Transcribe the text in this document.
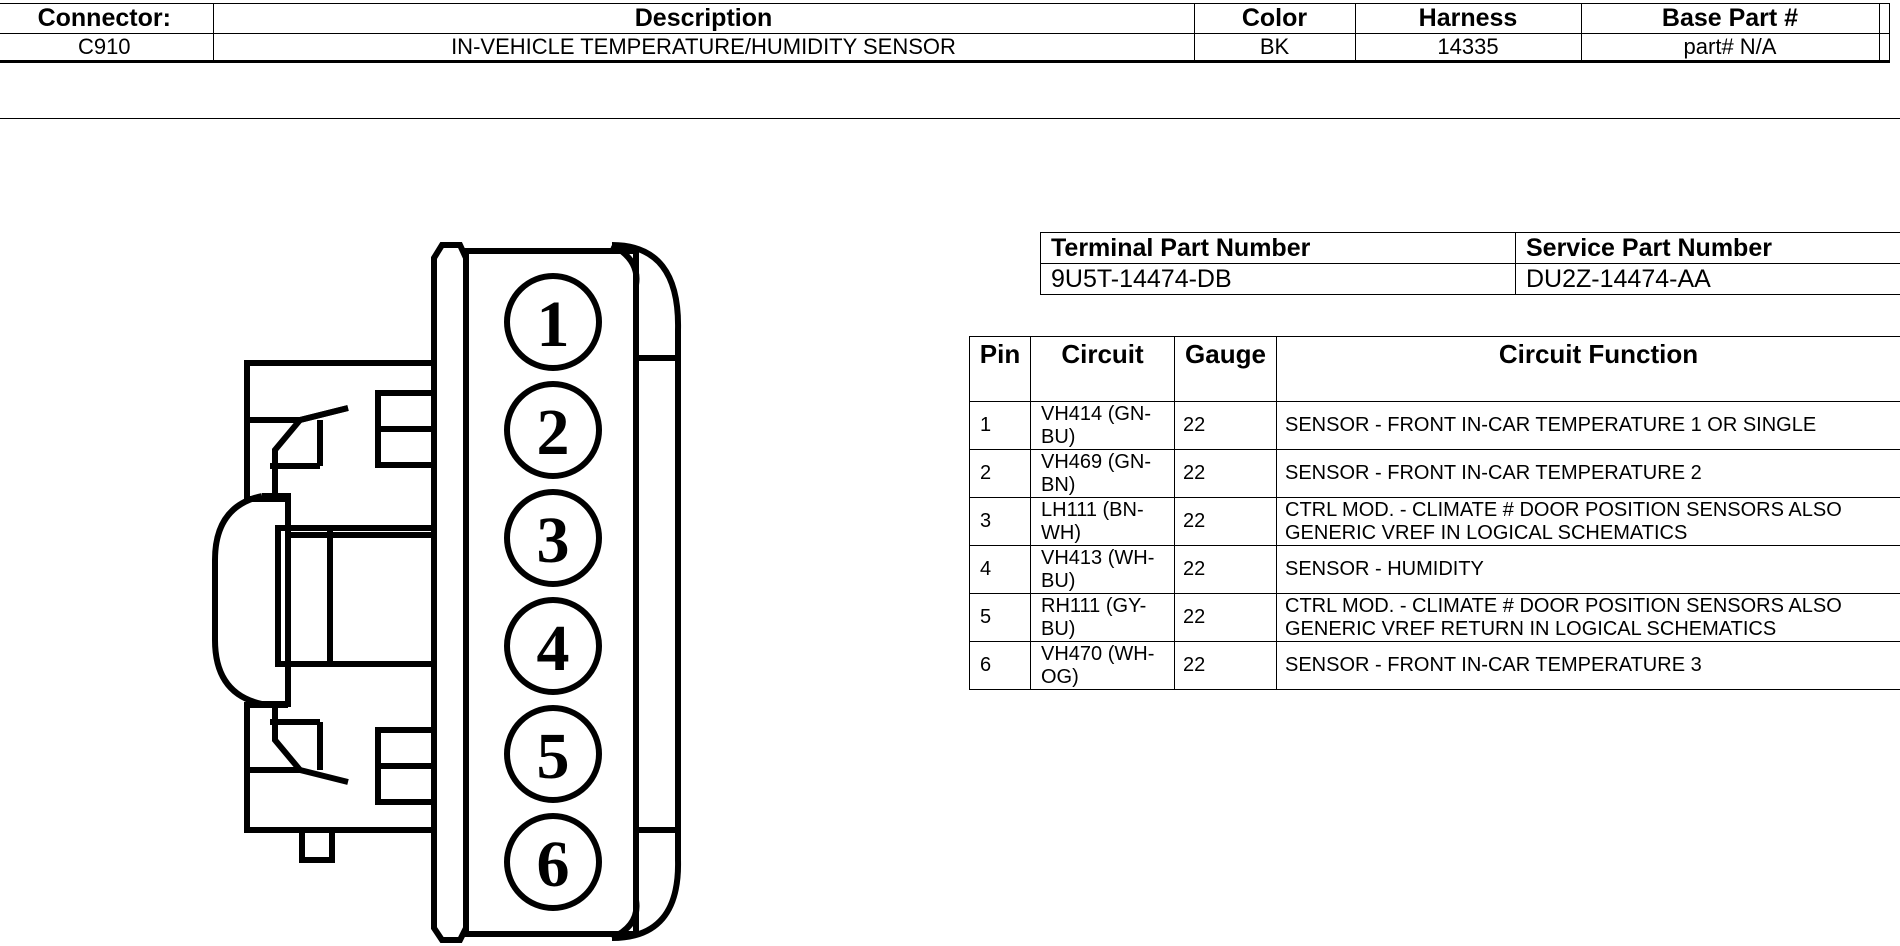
Connector:	Description	Color	Harness	Base Part #	
C910	IN-VEHICLE TEMPERATURE/HUMIDITY SENSOR	BK	14335	part# N/A	
1
2
3
4
5
6
Terminal Part Number	Service Part Number
9U5T-14474-DB	DU2Z-14474-AA
Pin	Circuit	Gauge	Circuit Function
1	VH414 (GN-BU)	22	SENSOR - FRONT IN-CAR TEMPERATURE 1 OR SINGLE
2	VH469 (GN-BN)	22	SENSOR - FRONT IN-CAR TEMPERATURE 2
3	LH111 (BN-WH)	22	CTRL MOD. - CLIMATE # DOOR POSITION SENSORS ALSO GENERIC VREF IN LOGICAL SCHEMATICS
4	VH413 (WH-BU)	22	SENSOR - HUMIDITY
5	RH111 (GY-BU)	22	CTRL MOD. - CLIMATE # DOOR POSITION SENSORS ALSO GENERIC VREF RETURN IN LOGICAL SCHEMATICS
6	VH470 (WH-OG)	22	SENSOR - FRONT IN-CAR TEMPERATURE 3
